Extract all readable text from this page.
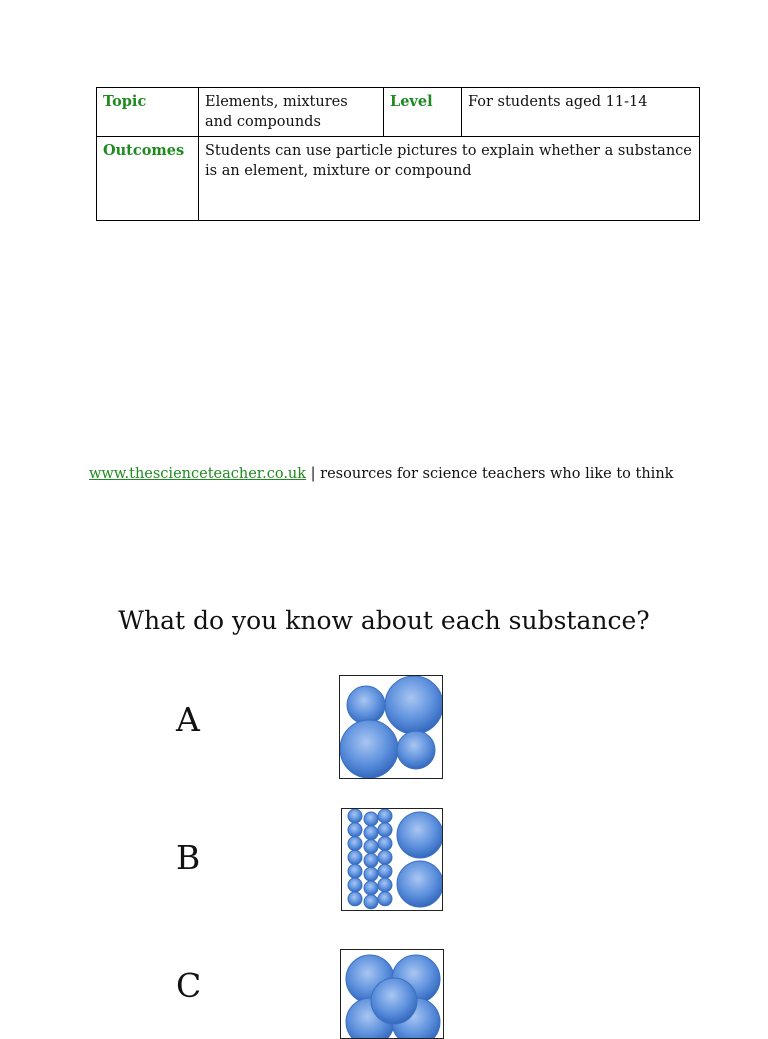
Topic	Elements, mixtures and compounds	Level	For students aged 11-14
Outcomes	Students can use particle pictures to explain whether a substance is an element, mixture or compound		
www.thescienceteacher.co.uk | resources for science teachers who like to think
What do you know about each substance?
A
B
C
